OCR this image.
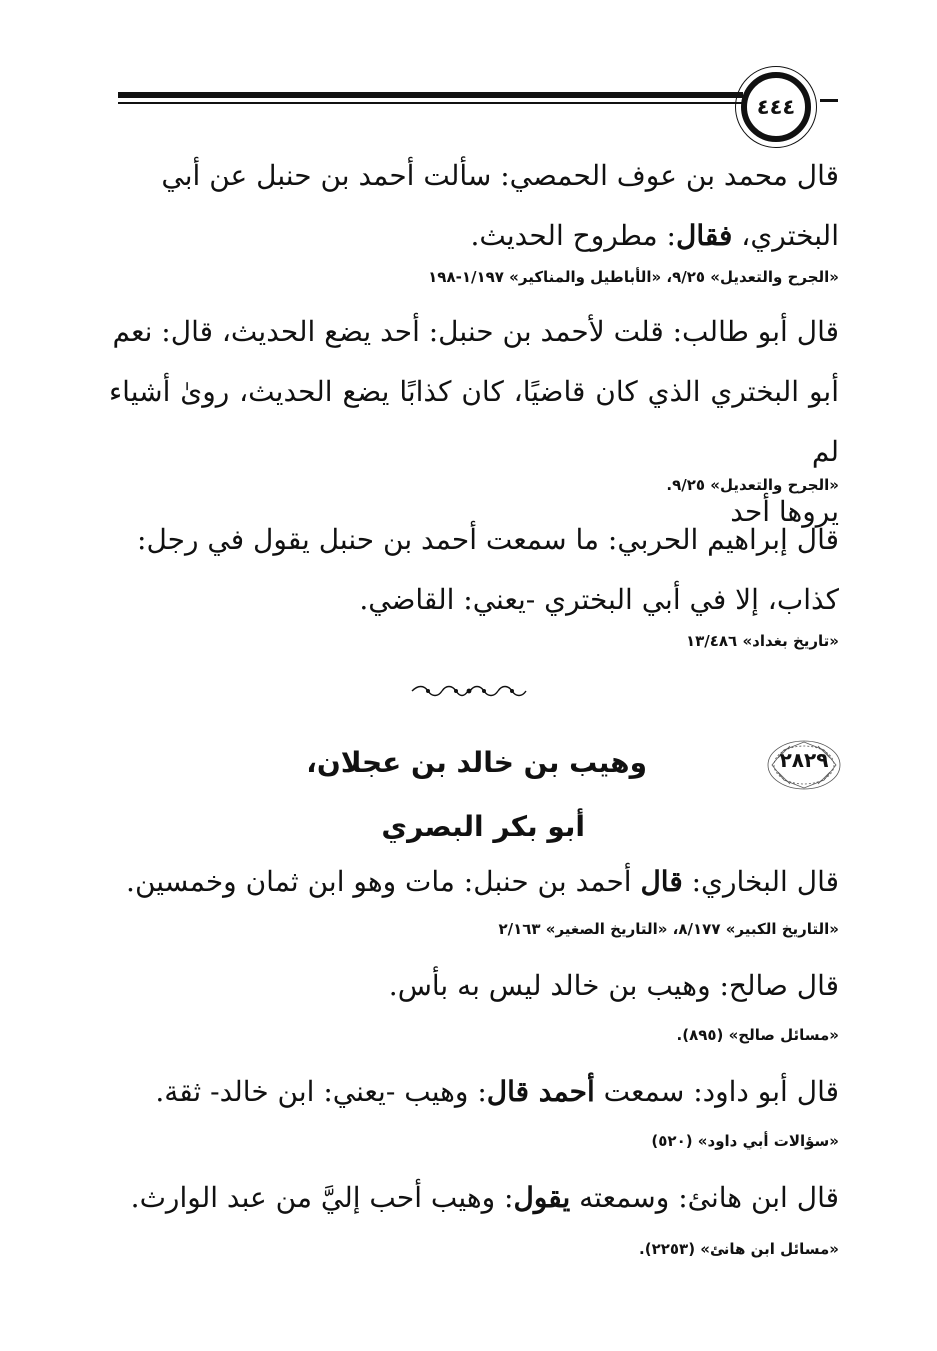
٤٤٤
قال محمد بن عوف الحمصي: سألت أحمد بن حنبل عن أبي
البختري، فقال: مطروح الحديث.
«الجرح والتعديل» ٩/٢٥، «الأباطيل والمناكير» ١/١٩٧-١٩٨
قال أبو طالب: قلت لأحمد بن حنبل: أحد يضع الحديث، قال: نعم
أبو البختري الذي كان قاضيًا، كان كذابًا يضع الحديث، روىٰ أشياء لم
يروها أحد
«الجرح والتعديل» ٩/٢٥.
قال إبراهيم الحربي: ما سمعت أحمد بن حنبل يقول في رجل:
كذاب، إلا في أبي البختري -يعني: القاضي.
«تاريخ بغداد» ١٣/٤٨٦
٢٨٢٩
وهيب بن خالد بن عجلان،
أبو بكر البصري
قال البخاري: قال أحمد بن حنبل: مات وهو ابن ثمان وخمسين.
«التاريخ الكبير» ٨/١٧٧، «التاريخ الصغير» ٢/١٦٣
قال صالح: وهيب بن خالد ليس به بأس.
«مسائل صالح» (٨٩٥).
قال أبو داود: سمعت أحمد قال: وهيب -يعني: ابن خالد- ثقة.
«سؤالات أبي داود» (٥٢٠)
قال ابن هانئ: وسمعته يقول: وهيب أحب إليَّ من عبد الوارث.
«مسائل ابن هانئ» (٢٢٥٣).
